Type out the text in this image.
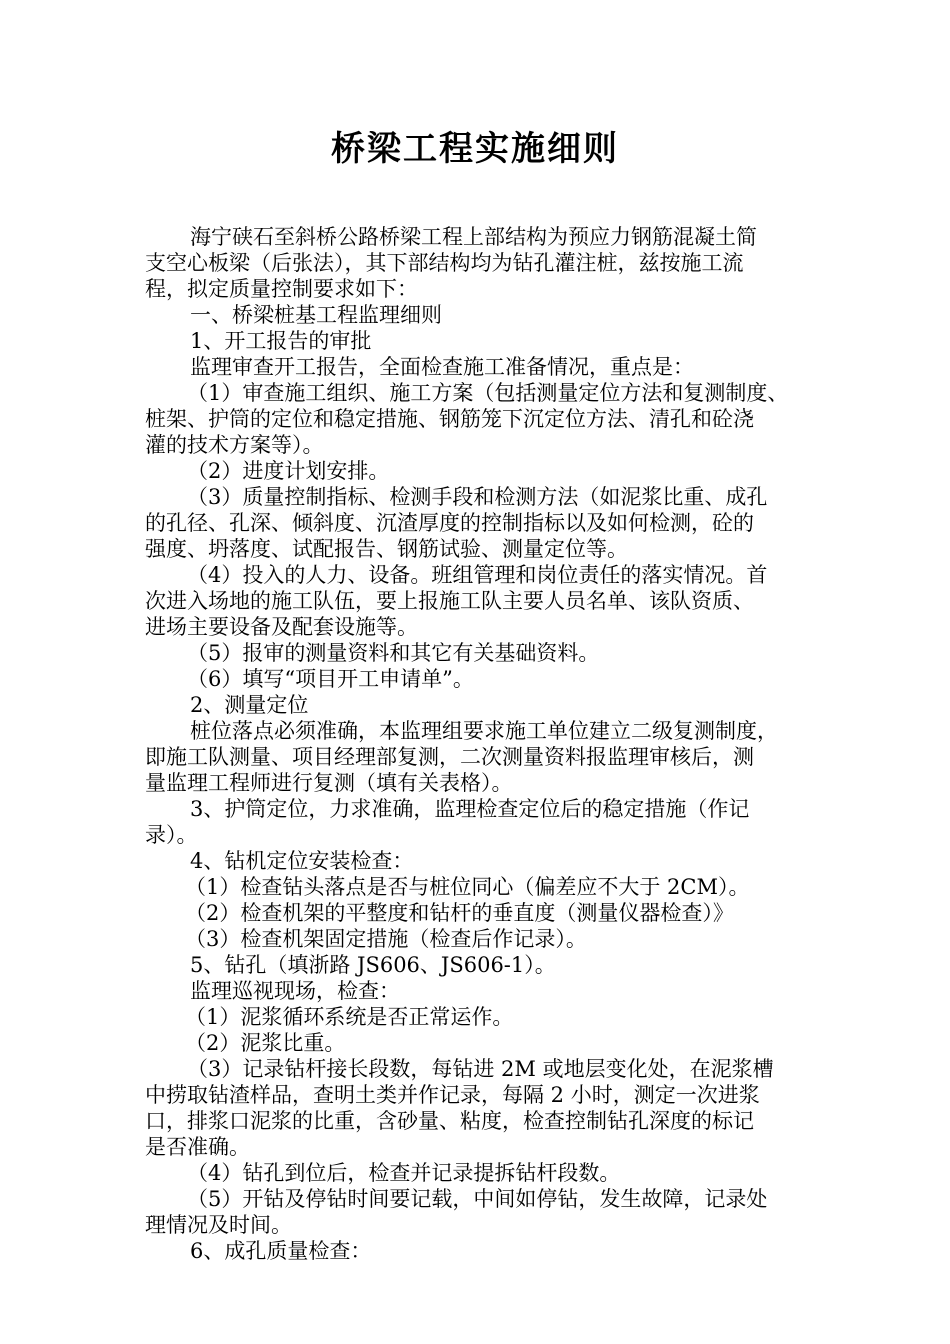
桥梁工程实施细则
海宁硖石至斜桥公路桥梁工程上部结构为预应力钢筋混凝土简
支空心板梁（后张法），其下部结构均为钻孔灌注桩，兹按施工流
程，拟定质量控制要求如下：
一、桥梁桩基工程监理细则
1、开工报告的审批
监理审查开工报告，全面检查施工准备情况，重点是：
（1）审查施工组织、施工方案（包括测量定位方法和复测制度、
桩架、护筒的定位和稳定措施、钢筋笼下沉定位方法、清孔和砼浇
灌的技术方案等）。
（2）进度计划安排。
（3）质量控制指标、检测手段和检测方法（如泥浆比重、成孔
的孔径、孔深、倾斜度、沉渣厚度的控制指标以及如何检测，砼的
强度、坍落度、试配报告、钢筋试验、测量定位等。
（4）投入的人力、设备。班组管理和岗位责任的落实情况。首
次进入场地的施工队伍，要上报施工队主要人员名单、该队资质、
进场主要设备及配套设施等。
（5）报审的测量资料和其它有关基础资料。
（6）填写“项目开工申请单”。
2、测量定位
桩位落点必须准确，本监理组要求施工单位建立二级复测制度，
即施工队测量、项目经理部复测，二次测量资料报监理审核后，测
量监理工程师进行复测（填有关表格）。
3、护筒定位，力求准确，监理检查定位后的稳定措施（作记
录）。
4、钻机定位安装检查：
（1）检查钻头落点是否与桩位同心（偏差应不大于 2CM）。
（2）检查机架的平整度和钻杆的垂直度（测量仪器检查）》
（3）检查机架固定措施（检查后作记录）。
5、钻孔（填浙路 JS606、JS606-1）。
监理巡视现场，检查：
（1）泥浆循环系统是否正常运作。
（2）泥浆比重。
（3）记录钻杆接长段数，每钻进 2M 或地层变化处，在泥浆槽
中捞取钻渣样品，查明土类并作记录，每隔 2 小时，测定一次进浆
口，排浆口泥浆的比重，含砂量、粘度，检查控制钻孔深度的标记
是否准确。
（4）钻孔到位后，检查并记录提拆钻杆段数。
（5）开钻及停钻时间要记载，中间如停钻，发生故障，记录处
理情况及时间。
6、成孔质量检查：
